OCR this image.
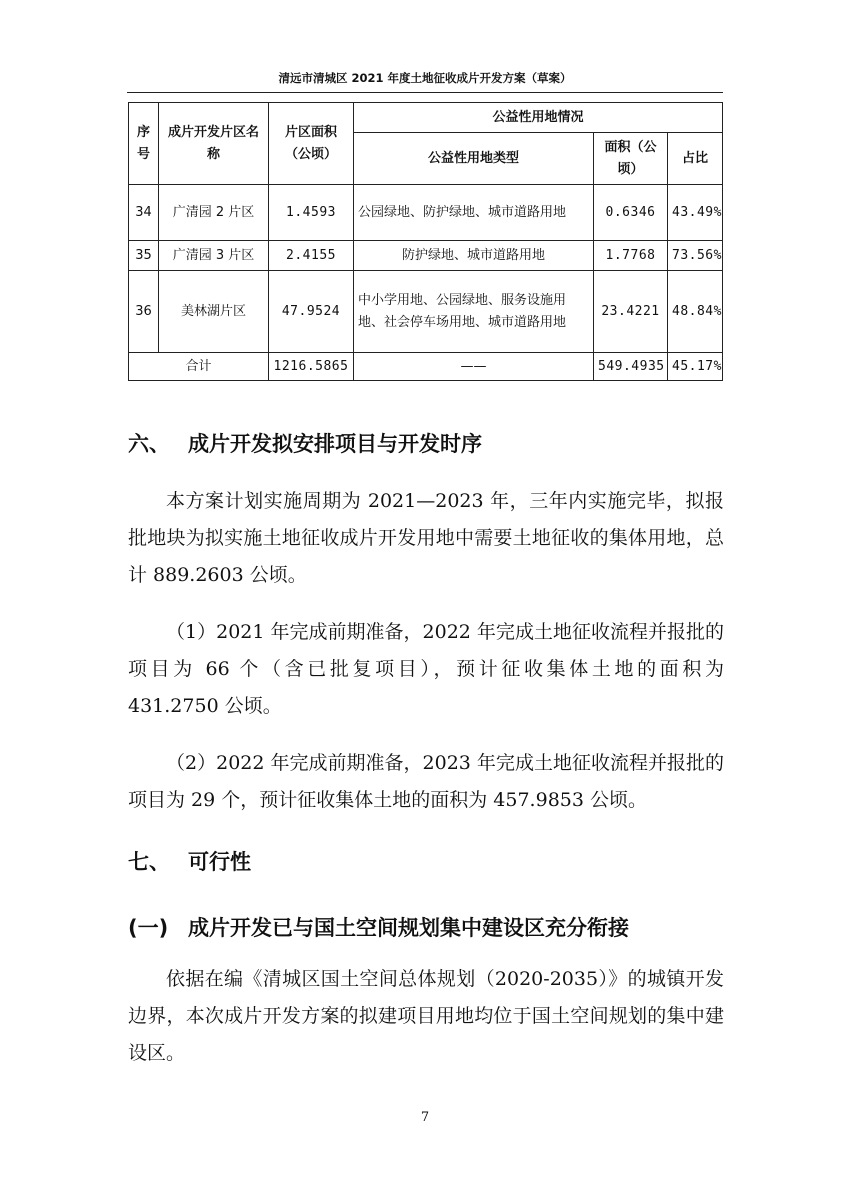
清远市清城区 2021 年度土地征收成片开发方案（草案）
序号	成片开发片区名称	片区面积（公顷）	公益性用地情况		
			公益性用地类型	面积（公顷）	占比
34	广清园 2 片区	1.4593	公园绿地、防护绿地、城市道路用地	0.6346	43.49%
35	广清园 3 片区	2.4155	防护绿地、城市道路用地	1.7768	73.56%
36	美林湖片区	47.9524	中小学用地、公园绿地、服务设施用地、社会停车场用地、城市道路用地	23.4221	48.84%
合计		1216.5865	——	549.4935	45.17%
六、 成片开发拟安排项目与开发时序

本方案计划实施周期为 2021—2023 年，三年内实施完毕，拟报批地块为拟实施土地征收成片开发用地中需要土地征收的集体用地，总计 889.2603 公顷。

（1）2021 年完成前期准备，2022 年完成土地征收流程并报批的项目为 66 个（含已批复项目），预计征收集体土地的面积为 431.2750 公顷。

（2）2022 年完成前期准备，2023 年完成土地征收流程并报批的项目为 29 个，预计征收集体土地的面积为 457.9853 公顷。

七、 可行性
(一) 成片开发已与国土空间规划集中建设区充分衔接

依据在编《清城区国土空间总体规划（2020-2035）》的城镇开发边界，本次成片开发方案的拟建项目用地均位于国土空间规划的集中建设区。

7
